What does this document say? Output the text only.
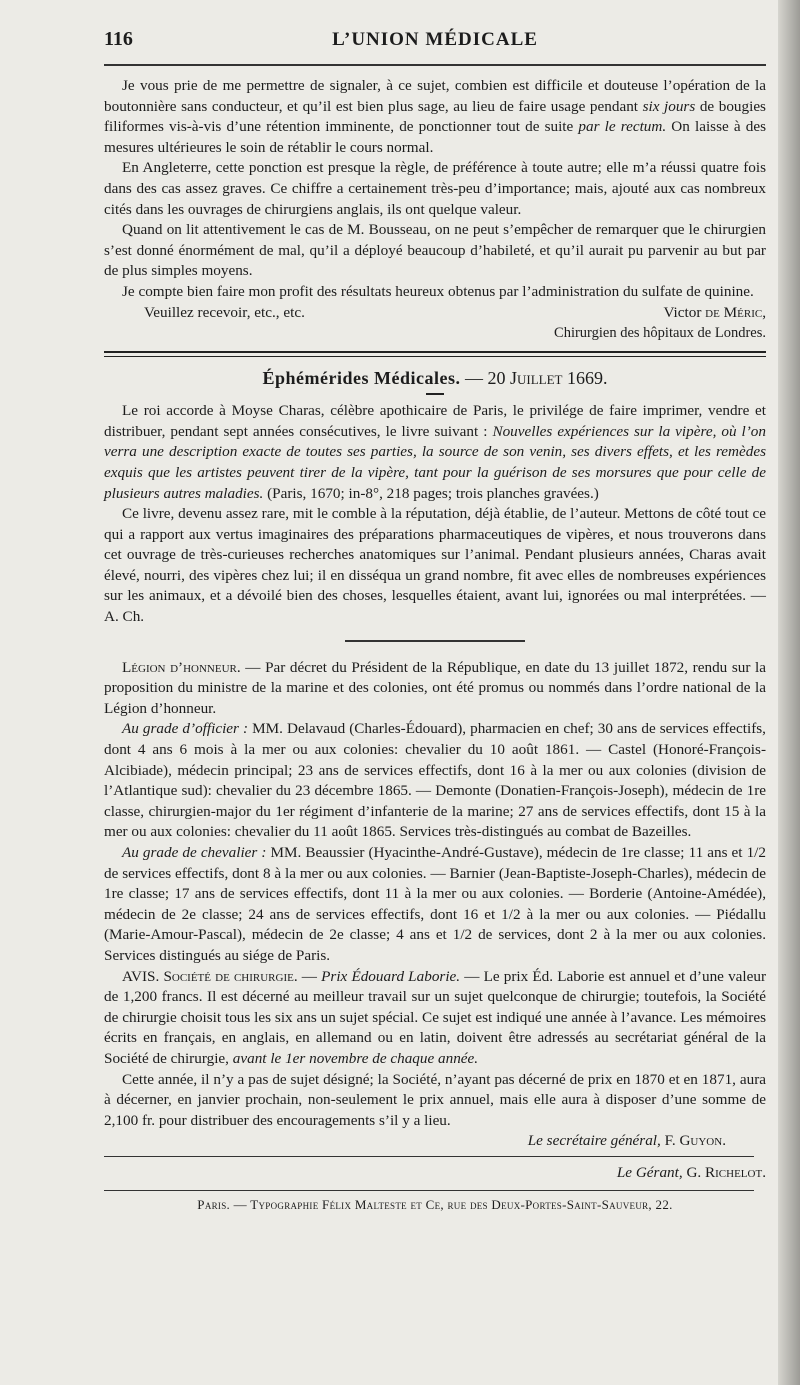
116	L’UNION MÉDICALE

Je vous prie de me permettre de signaler, à ce sujet, combien est difficile et douteuse l’opération de la boutonnière sans conducteur, et qu’il est bien plus sage, au lieu de faire usage pendant six jours de bougies filiformes vis-à-vis d’une rétention imminente, de ponctionner tout de suite par le rectum. On laisse à des mesures ultérieures le soin de rétablir le cours normal.

En Angleterre, cette ponction est presque la règle, de préférence à toute autre; elle m’a réussi quatre fois dans des cas assez graves. Ce chiffre a certainement très-peu d’importance; mais, ajouté aux cas nombreux cités dans les ouvrages de chirurgiens anglais, ils ont quelque valeur.

Quand on lit attentivement le cas de M. Bousseau, on ne peut s’empêcher de remarquer que le chirurgien s’est donné énormément de mal, qu’il a déployé beaucoup d’habileté, et qu’il aurait pu parvenir au but par de plus simples moyens.

Je compte bien faire mon profit des résultats heureux obtenus par l’administration du sulfate de quinine.

Veuillez recevoir, etc., etc.	Victor de Méric,
Chirurgien des hôpitaux de Londres.
Éphémérides Médicales. — 20 Juillet 1669.

Le roi accorde à Moyse Charas, célèbre apothicaire de Paris, le privilége de faire imprimer, vendre et distribuer, pendant sept années consécutives, le livre suivant : Nouvelles expériences sur la vipère, où l’on verra une description exacte de toutes ses parties, la source de son venin, ses divers effets, et les remèdes exquis que les artistes peuvent tirer de la vipère, tant pour la guérison de ses morsures que pour celle de plusieurs autres maladies. (Paris, 1670; in-8°, 218 pages; trois planches gravées.)

Ce livre, devenu assez rare, mit le comble à la réputation, déjà établie, de l’auteur. Mettons de côté tout ce qui a rapport aux vertus imaginaires des préparations pharmaceutiques de vipères, et nous trouverons dans cet ouvrage de très-curieuses recherches anatomiques sur l’animal. Pendant plusieurs années, Charas avait élevé, nourri, des vipères chez lui; il en disséqua un grand nombre, fit avec elles de nombreuses expériences sur les animaux, et a dévoilé bien des choses, lesquelles étaient, avant lui, ignorées ou mal interprétées. — A. Ch.

Légion d’honneur. — Par décret du Président de la République, en date du 13 juillet 1872, rendu sur la proposition du ministre de la marine et des colonies, ont été promus ou nommés dans l’ordre national de la Légion d’honneur.

Au grade d’officier : MM. Delavaud (Charles-Édouard), pharmacien en chef; 30 ans de services effectifs, dont 4 ans 6 mois à la mer ou aux colonies: chevalier du 10 août 1861. — Castel (Honoré-François-Alcibiade), médecin principal; 23 ans de services effectifs, dont 16 à la mer ou aux colonies (division de l’Atlantique sud): chevalier du 23 décembre 1865. — Demonte (Donatien-François-Joseph), médecin de 1re classe, chirurgien-major du 1er régiment d’infanterie de la marine; 27 ans de services effectifs, dont 15 à la mer ou aux colonies: chevalier du 11 août 1865. Services très-distingués au combat de Bazeilles.

Au grade de chevalier : MM. Beaussier (Hyacinthe-André-Gustave), médecin de 1re classe; 11 ans et 1/2 de services effectifs, dont 8 à la mer ou aux colonies. — Barnier (Jean-Baptiste-Joseph-Charles), médecin de 1re classe; 17 ans de services effectifs, dont 11 à la mer ou aux colonies. — Borderie (Antoine-Amédée), médecin de 2e classe; 24 ans de services effectifs, dont 16 et 1/2 à la mer ou aux colonies. — Piédallu (Marie-Amour-Pascal), médecin de 2e classe; 4 ans et 1/2 de services, dont 2 à la mer ou aux colonies. Services distingués au siége de Paris.

AVIS. Société de chirurgie. — Prix Édouard Laborie. — Le prix Éd. Laborie est annuel et d’une valeur de 1,200 francs. Il est décerné au meilleur travail sur un sujet quelconque de chirurgie; toutefois, la Société de chirurgie choisit tous les six ans un sujet spécial. Ce sujet est indiqué une année à l’avance. Les mémoires écrits en français, en anglais, en allemand ou en latin, doivent être adressés au secrétariat général de la Société de chirurgie, avant le 1er novembre de chaque année.

Cette année, il n’y a pas de sujet désigné; la Société, n’ayant pas décerné de prix en 1870 et en 1871, aura à décerner, en janvier prochain, non-seulement le prix annuel, mais elle aura à disposer d’une somme de 2,100 fr. pour distribuer des encouragements s’il y a lieu.

Le secrétaire général, F. Guyon.
Le Gérant, G. Richelot.
Paris. — Typographie Félix Malteste et Ce, rue des Deux-Portes-Saint-Sauveur, 22.
